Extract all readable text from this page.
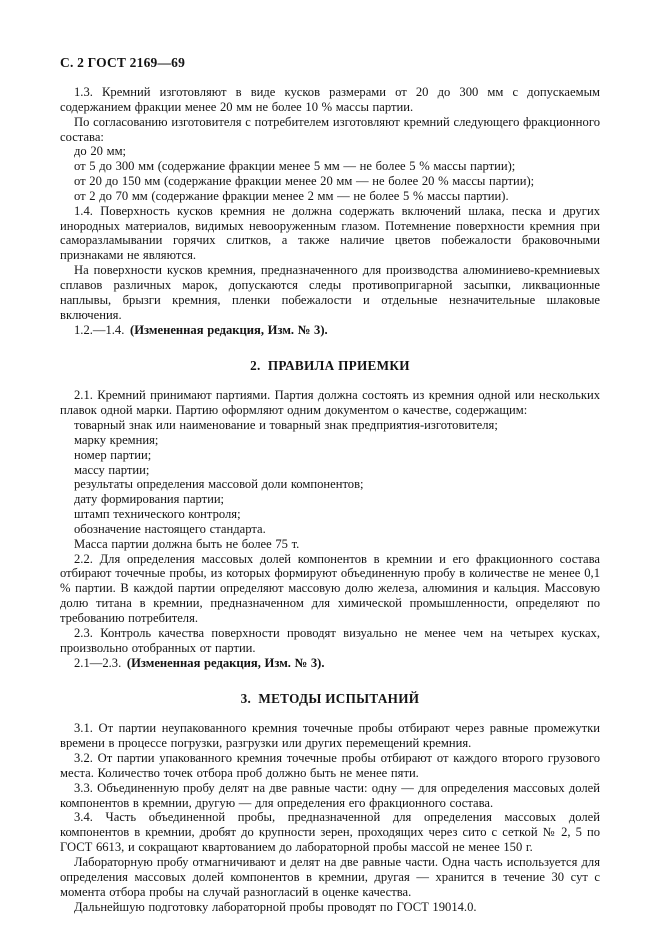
С. 2 ГОСТ 2169—69

1.3. Кремний изготовляют в виде кусков размерами от 20 до 300 мм с допускаемым содержанием фракции менее 20 мм не более 10 % массы партии.

По согласованию изготовителя с потребителем изготовляют кремний следующего фракционного состава:

до 20 мм;

от 5 до 300 мм (содержание фракции менее 5 мм — не более 5 % массы партии);

от 20 до 150 мм (содержание фракции менее 20 мм — не более 20 % массы партии);

от 2 до 70 мм (содержание фракции менее 2 мм — не более 5 % массы партии).

1.4. Поверхность кусков кремния не должна содержать включений шлака, песка и других инородных материалов, видимых невооруженным глазом. Потемнение поверхности кремния при саморазламывании горячих слитков, а также наличие цветов побежалости браковочными признаками не являются.

На поверхности кусков кремния, предназначенного для производства алюминиево-кремниевых сплавов различных марок, допускаются следы противопригарной засыпки, ликвационные наплывы, брызги кремния, пленки побежалости и отдельные незначительные шлаковые включения.

1.2.—1.4. (Измененная редакция, Изм. № 3).

2.  ПРАВИЛА ПРИЕМКИ

2.1. Кремний принимают партиями. Партия должна состоять из кремния одной или нескольких плавок одной марки. Партию оформляют одним документом о качестве, содержащим:

товарный знак или наименование и товарный знак предприятия-изготовителя;

марку кремния;

номер партии;

массу партии;

результаты определения массовой доли компонентов;

дату формирования партии;

штамп технического контроля;

обозначение настоящего стандарта.

Масса партии должна быть не более 75 т.

2.2. Для определения массовых долей компонентов в кремнии и его фракционного состава отбирают точечные пробы, из которых формируют объединенную пробу в количестве не менее 0,1 % партии. В каждой партии определяют массовую долю железа, алюминия и кальция. Массовую долю титана в кремнии, предназначенном для химической промышленности, определяют по требованию потребителя.

2.3. Контроль качества поверхности проводят визуально не менее чем на четырех кусках, произвольно отобранных от партии.

2.1—2.3. (Измененная редакция, Изм. № 3).

3.  МЕТОДЫ ИСПЫТАНИЙ

3.1. От партии неупакованного кремния точечные пробы отбирают через равные промежутки времени в процессе погрузки, разгрузки или других перемещений кремния.

3.2. От партии упакованного кремния точечные пробы отбирают от каждого второго грузового места. Количество точек отбора проб должно быть не менее пяти.

3.3. Объединенную пробу делят на две равные части: одну — для определения массовых долей компонентов в кремнии, другую — для определения его фракционного состава.

3.4. Часть объединенной пробы, предназначенной для определения массовых долей компонентов в кремнии, дробят до крупности зерен, проходящих через сито с сеткой № 2, 5 по ГОСТ 6613, и сокращают квартованием до лабораторной пробы массой не менее 150 г.

Лабораторную пробу отмагничивают и делят на две равные части. Одна часть используется для определения массовых долей компонентов в кремнии, другая — хранится в течение 30 сут с момента отбора пробы на случай разногласий в оценке качества.

Дальнейшую подготовку лабораторной пробы проводят по ГОСТ 19014.0.
